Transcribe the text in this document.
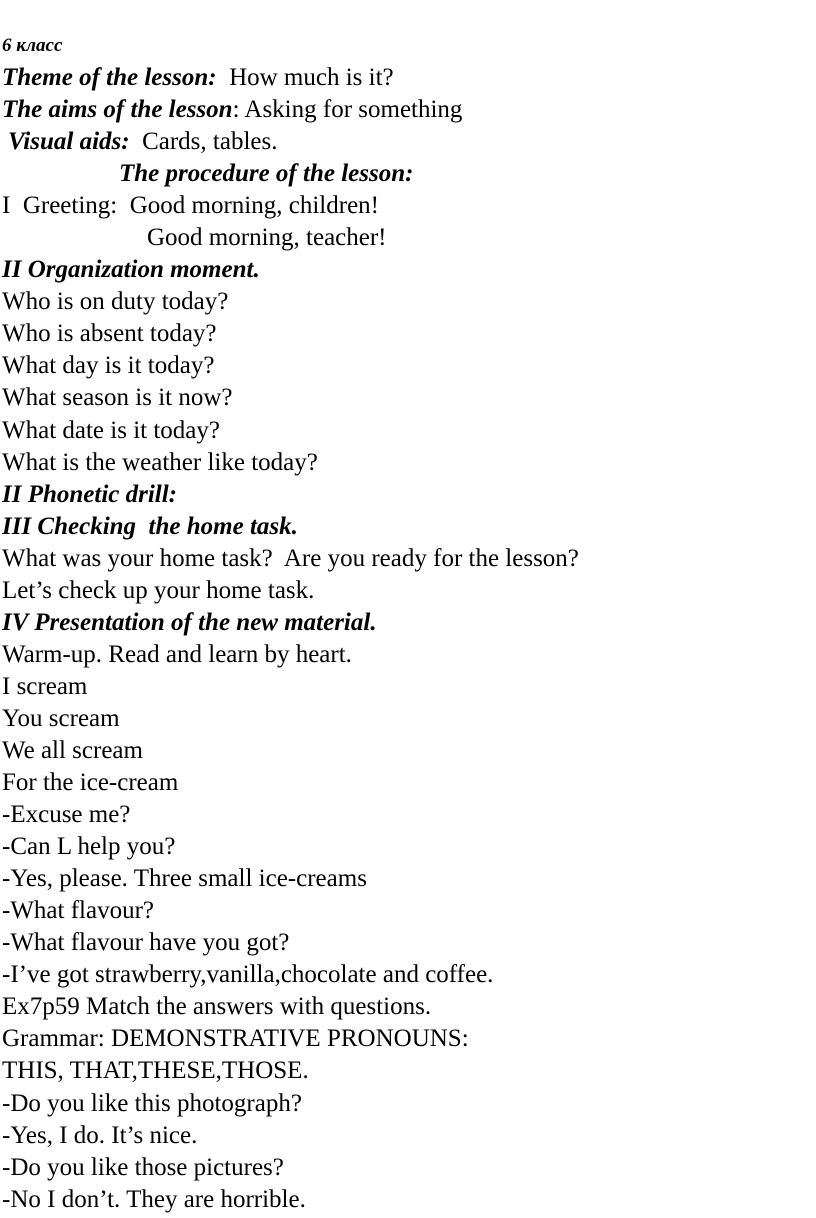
6 класс
Theme of the lesson:  How much is it?
The aims of the lesson: Asking for something
Visual aids:  Cards, tables.
The procedure of the lesson:
I  Greeting:  Good morning, children!
Good morning, teacher!
II Organization moment.
Who is on duty today?
Who is absent today?
What day is it today?
What season is it now?
What date is it today?
What is the weather like today?
II Phonetic drill:
III Checking  the home task.
What was your home task?  Are you ready for the lesson?
Let’s check up your home task.
IV Presentation of the new material.
Warm-up. Read and learn by heart.
I scream
You scream
We all scream
For the ice-cream
-Excuse me?
-Can L help you?
-Yes, please. Three small ice-creams
-What flavour?
-What flavour have you got?
-I’ve got strawberry,vanilla,chocolate and coffee.
Ex7p59 Match the answers with questions.
Grammar: DEMONSTRATIVE PRONOUNS:
THIS, THAT,THESE,THOSE.
-Do you like this photograph?
-Yes, I do. It’s nice.
-Do you like those pictures?
-No I don’t. They are horrible.
